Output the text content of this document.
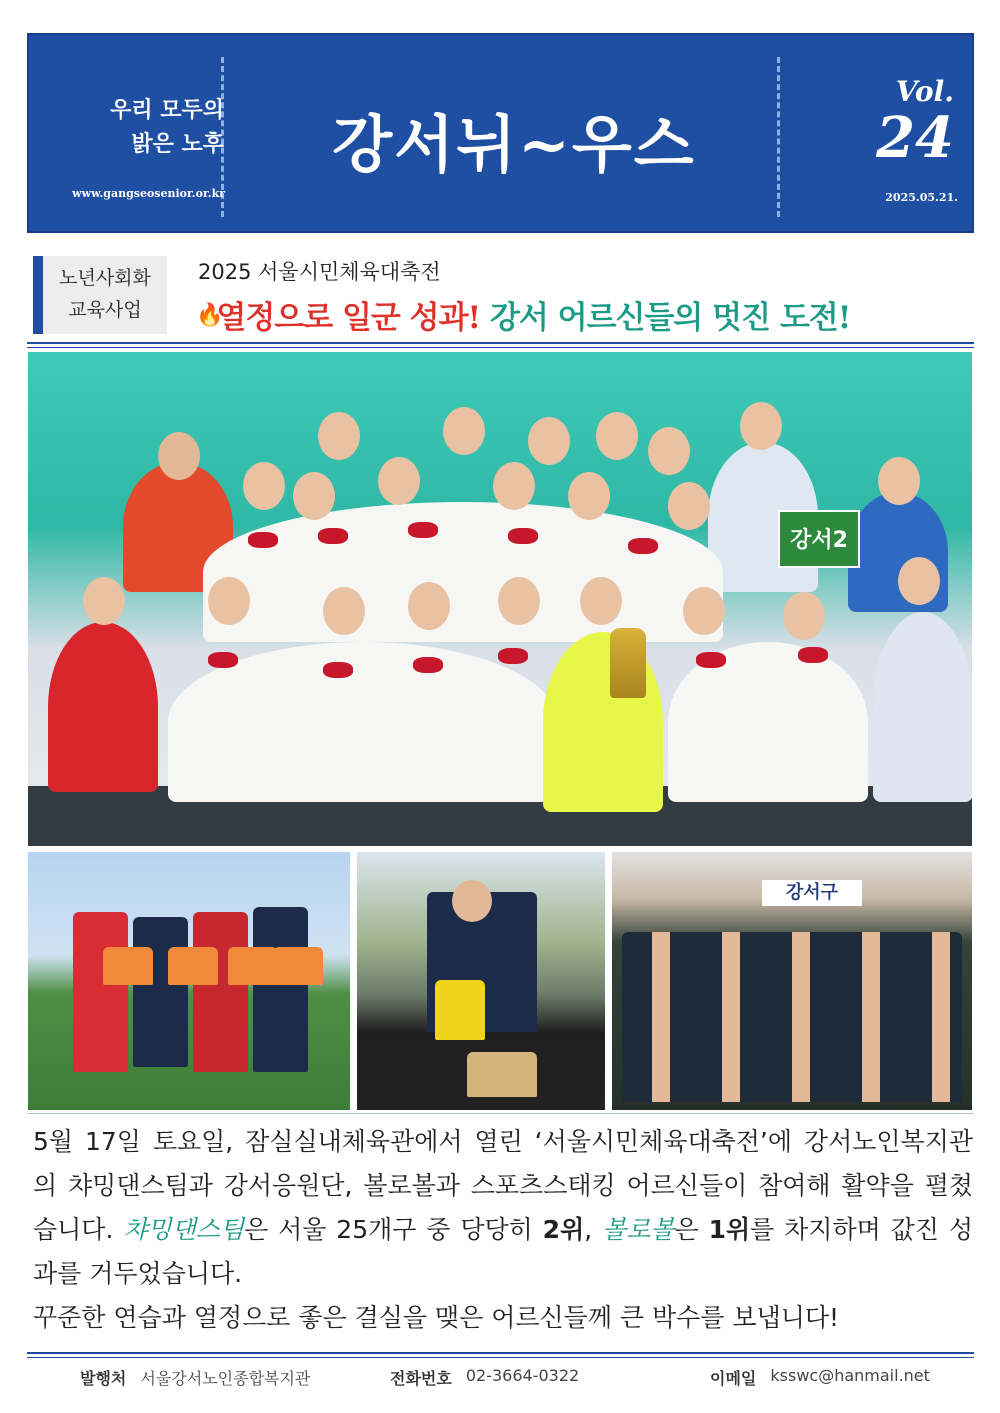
우리 모두의
밝은 노후
www.gangseosenior.or.kr
강서뉘~우스
Vol.
24
2025.05.21.
노년사회화
교육사업
2025 서울시민체육대축전
🔥열정으로 일군 성과! 강서 어르신들의 멋진 도전!
강서2
강서구
5월 17일 토요일, 잠실실내체육관에서 열린 ‘서울시민체육대축전’에 강서노인복지관의 챠밍댄스팀과 강서응원단, 볼로볼과 스포츠스태킹 어르신들이 참여해 활약을 펼쳤습니다. 챠밍댄스팀은 서울 25개구 중 당당히 2위, 볼로볼은 1위를 차지하며 값진 성과를 거두었습니다.
꾸준한 연습과 열정으로 좋은 결실을 맺은 어르신들께 큰 박수를 보냅니다!
발행처 서울강서노인종합복지관	전화번호 02-3664-0322	이메일 ksswc@hanmail.net
